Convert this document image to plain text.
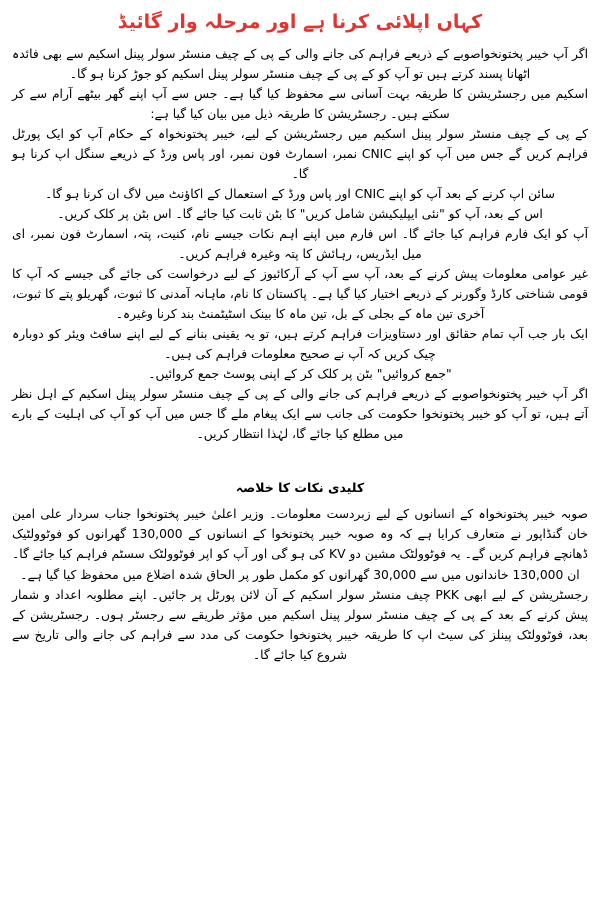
کہاں اپلائی کرنا ہے اور مرحلہ وار گائیڈ

اگر آپ خیبر پختونخواصوبے کے ذریعے فراہم کی جانے والی کے پی کے چیف منسٹر سولر پینل اسکیم سے بھی فائدہ اٹھانا پسند کرتے ہیں تو آپ کو کے پی کے چیف منسٹر سولر پینل اسکیم کو جوڑ کرنا ہو گا۔

اسکیم میں رجسٹریشن کا طریقہ بہت آسانی سے محفوظ کیا گیا ہے۔ جس سے آپ اپنے گھر بیٹھے آرام سے کر سکتے ہیں۔ رجسٹریشن کا طریقہ ذیل میں بیان کیا گیا ہے:

کے پی کے چیف منسٹر سولر پینل اسکیم میں رجسٹریشن کے لیے، خیبر پختونخواہ کے حکام آپ کو ایک پورٹل فراہم کریں گے جس میں آپ کو اپنے CNIC نمبر، اسمارٹ فون نمبر، اور پاس ورڈ کے ذریعے سنگل اپ کرنا ہو گا۔

سائن اپ کرنے کے بعد آپ کو اپنے CNIC اور پاس ورڈ کے استعمال کے اکاؤنٹ میں لاگ ان کرنا ہو گا۔

اس کے بعد، آپ کو "نئی ایپلیکیشن شامل کریں" کا بٹن ثابت کیا جائے گا۔ اس بٹن پر کلک کریں۔

آپ کو ایک فارم فراہم کیا جائے گا۔ اس فارم میں اپنے اہم نکات جیسے نام، کنیت، پتہ، اسمارٹ فون نمبر، ای میل ایڈریس، رہائش کا پتہ وغیرہ فراہم کریں۔

غیر عوامی معلومات پیش کرنے کے بعد، آپ سے آپ کے آرکائیوز کے لیے درخواست کی جائے گی جیسے کہ آپ کا قومی شناختی کارڈ وگورنر کے ذریعے اختیار کیا گیا ہے۔ پاکستان کا نام، ماہانہ آمدنی کا ثبوت، گھریلو پتے کا ثبوت، آخری تین ماہ کے بجلی کے بل، تین ماہ کا بینک اسٹیٹمنٹ بند کرنا وغیرہ۔

ایک بار جب آپ تمام حقائق اور دستاویزات فراہم کرتے ہیں، تو یہ یقینی بنانے کے لیے اپنے سافٹ ویئر کو دوبارہ چیک کریں کہ آپ نے صحیح معلومات فراہم کی ہیں۔

"جمع کروائیں" بٹن پر کلک کر کے اپنی پوسٹ جمع کروائیں۔

اگر آپ خیبر پختونخواصوبے کے ذریعے فراہم کی جانے والی کے پی کے چیف منسٹر سولر پینل اسکیم کے اہل نظر آتے ہیں، تو آپ کو خیبر پختونخوا حکومت کی جانب سے ایک پیغام ملے گا جس میں آپ کو آپ کی اہلیت کے بارے میں مطلع کیا جائے گا، لہٰذا انتظار کریں۔

کلیدی نکات کا خلاصہ

صوبہ خیبر پختونخواہ کے انسانوں کے لیے زبردست معلومات۔ وزیر اعلیٰ خیبر پختونخوا جناب سردار علی امین خان گنڈاپور نے متعارف کرایا ہے کہ وہ صوبہ خیبر پختونخوا کے انسانوں کے 130,000 گھرانوں کو فوٹوولٹیک ڈھانچے فراہم کریں گے۔ یہ فوٹوولٹک مشین دو KV کی ہو گی اور آپ کو اپر فوٹوولٹک سسٹم فراہم کیا جائے گا۔ ان 130,000 خاندانوں میں سے 30,000 گھرانوں کو مکمل طور پر الحاق شدہ اضلاع میں محفوظ کیا گیا ہے۔

رجسٹریشن کے لیے ابھی PKK چیف منسٹر سولر اسکیم کے آن لائن پورٹل پر جائیں۔ اپنے مطلوبہ اعداد و شمار پیش کرنے کے بعد کے پی کے چیف منسٹر سولر پینل اسکیم میں مؤثر طریقے سے رجسٹر ہوں۔ رجسٹریشن کے بعد، فوٹوولٹک پینلز کی سیٹ اپ کا طریقہ خیبر پختونخوا حکومت کی مدد سے فراہم کی جانے والی تاریخ سے شروع کیا جائے گا۔
